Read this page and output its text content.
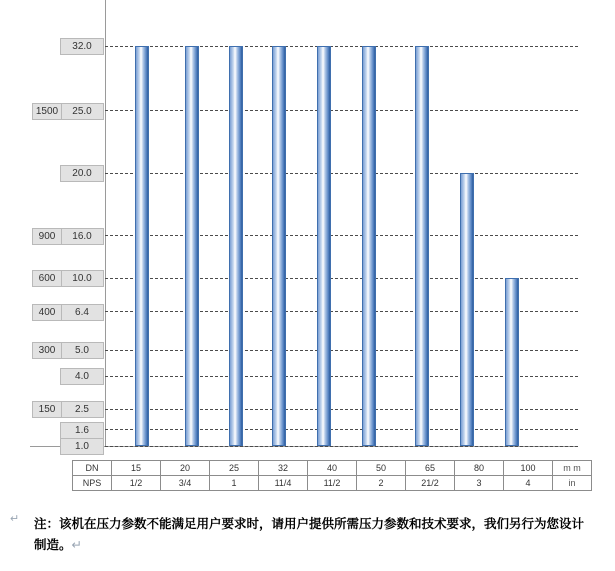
32.0
25.0
20.0
16.0
10.0
6.4
5.0
4.0
2.5
1.6
1.0
1500
900
600
400
300
150
DN	15	20	25	32	40	50	65	80	100	m m
NPS	1/2	3/4	1	11/4	11/2	2	21/2	3	4	in
↵ 注：该机在压力参数不能满足用户要求时，请用户提供所需压力参数和技术要求，我们另行为您设计制造。↵
